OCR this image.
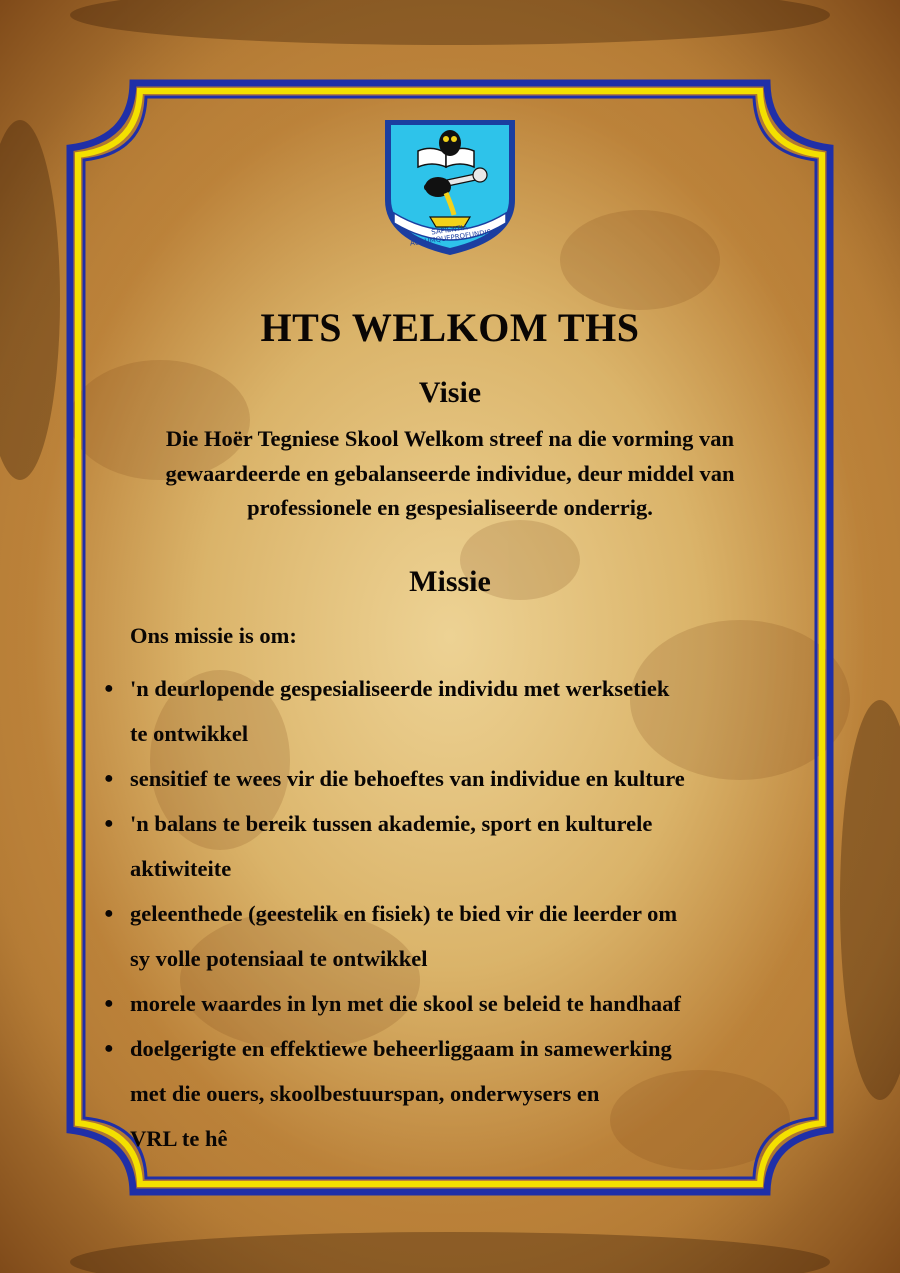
SAPIENTIA AURUMQUEPROFUNDIS
HTS WELKOM THS
Visie
Die Hoër Tegniese Skool Welkom streef na die vorming van
gewaardeerde en gebalanseerde individue, deur middel van
professionele en gespesialiseerde onderrig.
Missie
Ons missie is om:
● 'n deurlopende gespesialiseerde individu met werksetiek
te ontwikkel
● sensitief te wees vir die behoeftes van individue en kulture
● 'n balans te bereik tussen akademie, sport en kulturele
aktiwiteite
● geleenthede (geestelik en fisiek) te bied vir die leerder om
sy volle potensiaal te ontwikkel
● morele waardes in lyn met die skool se beleid te handhaaf
● doelgerigte en effektiewe beheerliggaam in samewerking
met die ouers, skoolbestuurspan, onderwysers en
VRL te hê
